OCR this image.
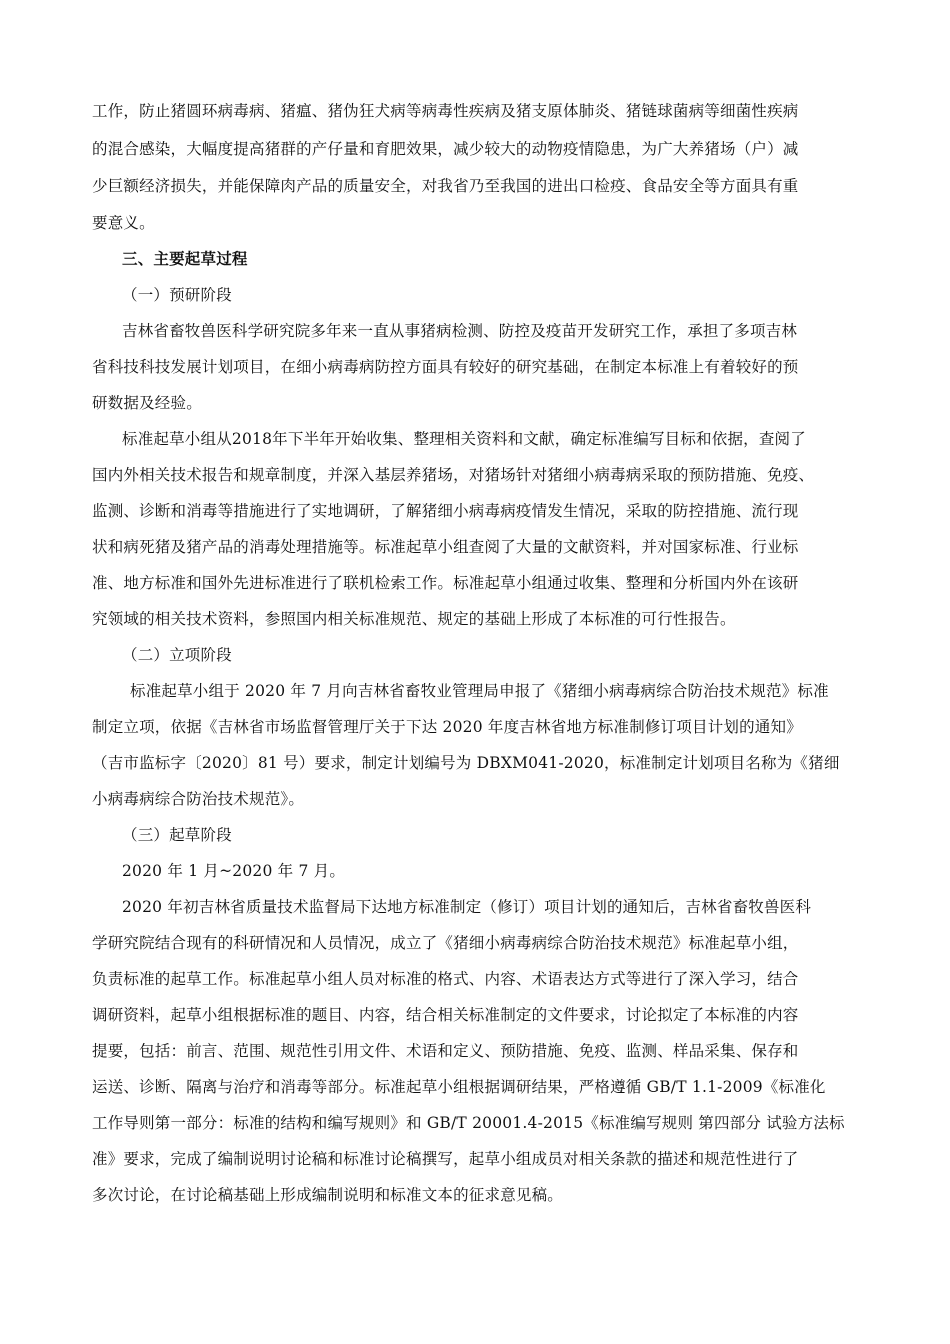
工作，防止猪圆环病毒病、猪瘟、猪伪狂犬病等病毒性疾病及猪支原体肺炎、猪链球菌病等细菌性疾病
的混合感染，大幅度提高猪群的产仔量和育肥效果，减少较大的动物疫情隐患，为广大养猪场（户）减
少巨额经济损失，并能保障肉产品的质量安全，对我省乃至我国的进出口检疫、食品安全等方面具有重
要意义。
三、主要起草过程
（一）预研阶段
吉林省畜牧兽医科学研究院多年来一直从事猪病检测、防控及疫苗开发研究工作，承担了多项吉林
省科技科技发展计划项目，在细小病毒病防控方面具有较好的研究基础，在制定本标准上有着较好的预
研数据及经验。
标准起草小组从2018年下半年开始收集、整理相关资料和文献，确定标准编写目标和依据，查阅了
国内外相关技术报告和规章制度，并深入基层养猪场，对猪场针对猪细小病毒病采取的预防措施、免疫、
监测、诊断和消毒等措施进行了实地调研，了解猪细小病毒病疫情发生情况，采取的防控措施、流行现
状和病死猪及猪产品的消毒处理措施等。标准起草小组查阅了大量的文献资料，并对国家标准、行业标
准、地方标准和国外先进标准进行了联机检索工作。标准起草小组通过收集、整理和分析国内外在该研
究领域的相关技术资料，参照国内相关标准规范、规定的基础上形成了本标准的可行性报告。
（二）立项阶段
标准起草小组于 2020 年 7 月向吉林省畜牧业管理局申报了《猪细小病毒病综合防治技术规范》标准
制定立项，依据《吉林省市场监督管理厅关于下达 2020 年度吉林省地方标准制修订项目计划的通知》
（吉市监标字〔2020〕81 号）要求，制定计划编号为 DBXM041-2020，标准制定计划项目名称为《猪细
小病毒病综合防治技术规范》。
（三）起草阶段
2020 年 1 月~2020 年 7 月。
2020 年初吉林省质量技术监督局下达地方标准制定（修订）项目计划的通知后，吉林省畜牧兽医科
学研究院结合现有的科研情况和人员情况，成立了《猪细小病毒病综合防治技术规范》标准起草小组，
负责标准的起草工作。标准起草小组人员对标准的格式、内容、术语表达方式等进行了深入学习，结合
调研资料，起草小组根据标准的题目、内容，结合相关标准制定的文件要求，讨论拟定了本标准的内容
提要，包括：前言、范围、规范性引用文件、术语和定义、预防措施、免疫、监测、样品采集、保存和
运送、诊断、隔离与治疗和消毒等部分。标准起草小组根据调研结果，严格遵循 GB/T 1.1-2009《标准化
工作导则第一部分：标准的结构和编写规则》和 GB/T 20001.4-2015《标准编写规则 第四部分 试验方法标
准》要求，完成了编制说明讨论稿和标准讨论稿撰写，起草小组成员对相关条款的描述和规范性进行了
多次讨论，在讨论稿基础上形成编制说明和标准文本的征求意见稿。
